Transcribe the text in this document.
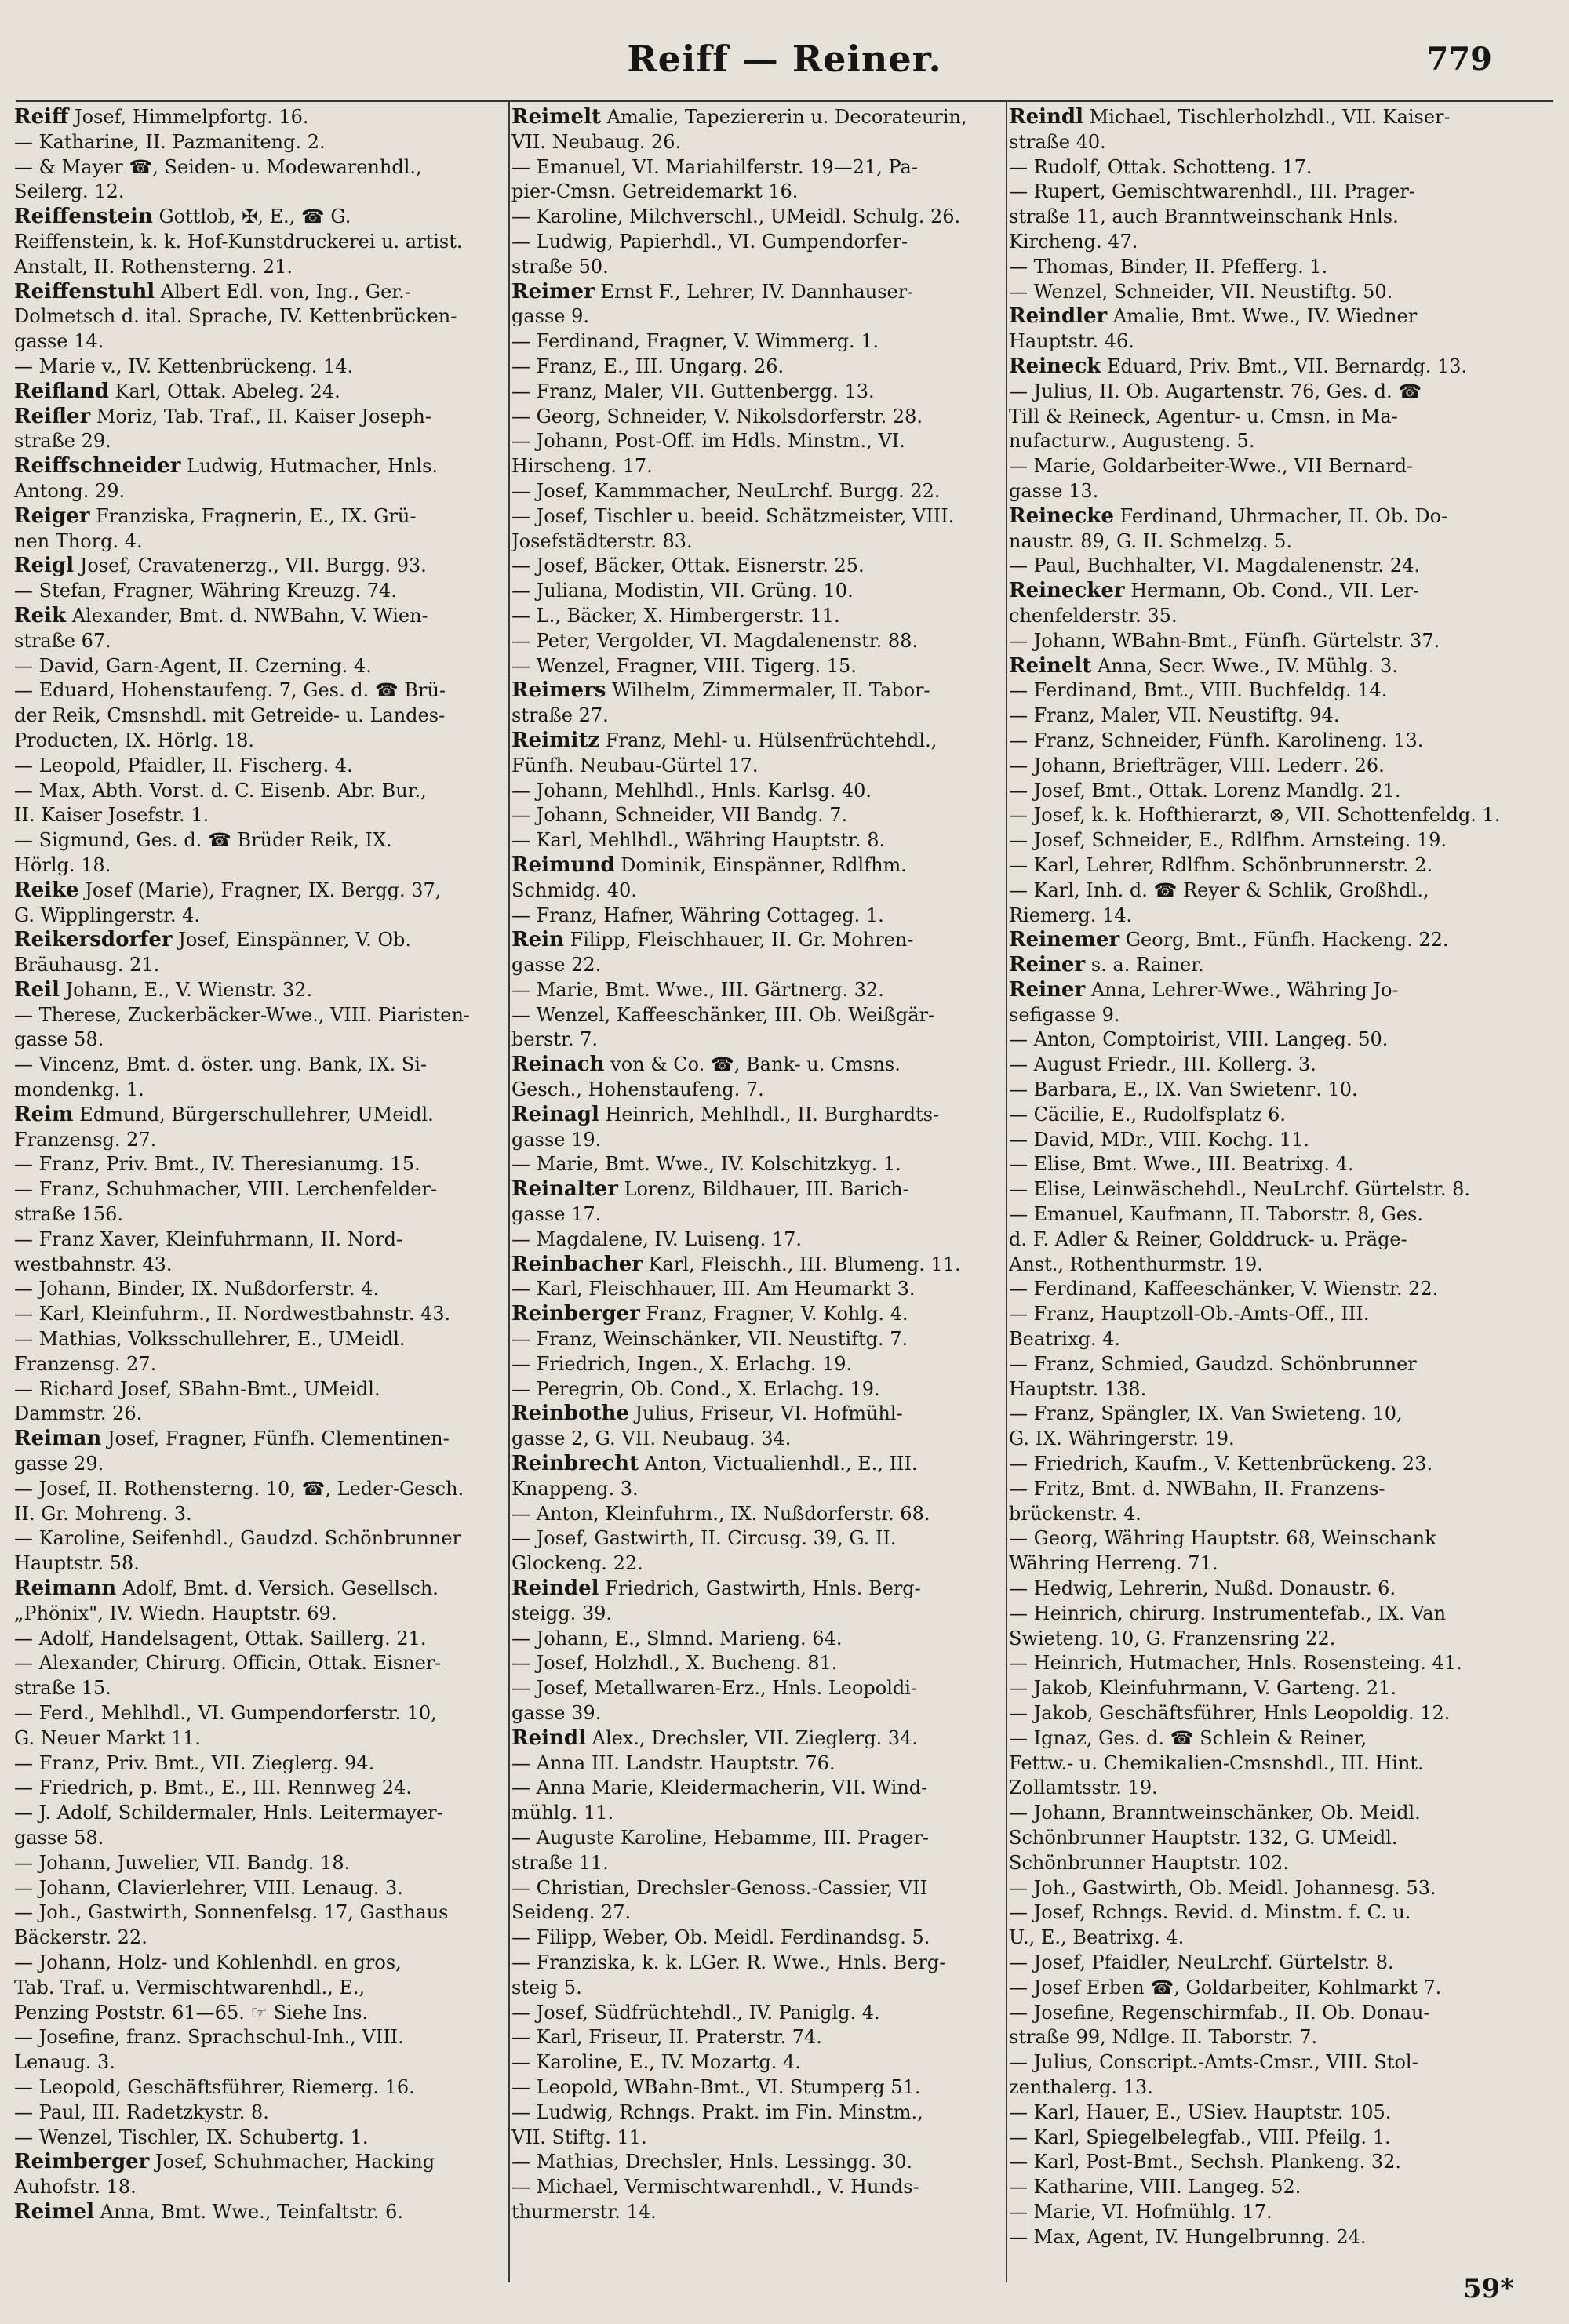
Reiff — Reiner.	779
Reiff Josef, Himmelpfortg. 16.
— Katharine, II. Pazmaniteng. 2.
— & Mayer ☎, Seiden- u. Modewarenhdl.,
Seilerg. 12.
Reiffenstein Gottlob, ✠, E., ☎ G.
Reiffenstein, k. k. Hof-Kunstdruckerei u. artist.
Anstalt, II. Rothensterng. 21.
Reiffenstuhl Albert Edl. von, Ing., Ger.-
Dolmetsch d. ital. Sprache, IV. Kettenbrücken-
gasse 14.
— Marie v., IV. Kettenbrückeng. 14.
Reifland Karl, Ottak. Abeleg. 24.
Reifler Moriz, Tab. Traf., II. Kaiser Joseph-
straße 29.
Reiffschneider Ludwig, Hutmacher, Hnls.
Antong. 29.
Reiger Franziska, Fragnerin, E., IX. Grü-
nen Thorg. 4.
Reigl Josef, Cravatenerzg., VII. Burgg. 93.
— Stefan, Fragner, Währing Kreuzg. 74.
Reik Alexander, Bmt. d. NWBahn, V. Wien-
straße 67.
— David, Garn-Agent, II. Czerning. 4.
— Eduard, Hohenstaufeng. 7, Ges. d. ☎ Brü-
der Reik, Cmsnshdl. mit Getreide- u. Landes-
Producten, IX. Hörlg. 18.
— Leopold, Pfaidler, II. Fischerg. 4.
— Max, Abth. Vorst. d. C. Eisenb. Abr. Bur.,
II. Kaiser Josefstr. 1.
— Sigmund, Ges. d. ☎ Brüder Reik, IX.
Hörlg. 18.
Reike Josef (Marie), Fragner, IX. Bergg. 37,
G. Wipplingerstr. 4.
Reikersdorfer Josef, Einspänner, V. Ob.
Bräuhausg. 21.
Reil Johann, E., V. Wienstr. 32.
— Therese, Zuckerbäcker-Wwe., VIII. Piaristen-
gasse 58.
— Vincenz, Bmt. d. öster. ung. Bank, IX. Si-
mondenkg. 1.
Reim Edmund, Bürgerschullehrer, UMeidl.
Franzensg. 27.
— Franz, Priv. Bmt., IV. Theresianumg. 15.
— Franz, Schuhmacher, VIII. Lerchenfelder-
straße 156.
— Franz Xaver, Kleinfuhrmann, II. Nord-
westbahnstr. 43.
— Johann, Binder, IX. Nußdorferstr. 4.
— Karl, Kleinfuhrm., II. Nordwestbahnstr. 43.
— Mathias, Volksschullehrer, E., UMeidl.
Franzensg. 27.
— Richard Josef, SBahn-Bmt., UMeidl.
Dammstr. 26.
Reiman Josef, Fragner, Fünfh. Clementinen-
gasse 29.
— Josef, II. Rothensterng. 10, ☎, Leder-Gesch.
II. Gr. Mohreng. 3.
— Karoline, Seifenhdl., Gaudzd. Schönbrunner
Hauptstr. 58.
Reimann Adolf, Bmt. d. Versich. Gesellsch.
„Phönix", IV. Wiedn. Hauptstr. 69.
— Adolf, Handelsagent, Ottak. Saillerg. 21.
— Alexander, Chirurg. Officin, Ottak. Eisner-
straße 15.
— Ferd., Mehlhdl., VI. Gumpendorferstr. 10,
G. Neuer Markt 11.
— Franz, Priv. Bmt., VII. Zieglerg. 94.
— Friedrich, p. Bmt., E., III. Rennweg 24.
— J. Adolf, Schildermaler, Hnls. Leitermayer-
gasse 58.
— Johann, Juwelier, VII. Bandg. 18.
— Johann, Clavierlehrer, VIII. Lenaug. 3.
— Joh., Gastwirth, Sonnenfelsg. 17, Gasthaus
Bäckerstr. 22.
— Johann, Holz- und Kohlenhdl. en gros,
Tab. Traf. u. Vermischtwarenhdl., E.,
Penzing Poststr. 61—65. ☞ Siehe Ins.
— Josefine, franz. Sprachschul-Inh., VIII.
Lenaug. 3.
— Leopold, Geschäftsführer, Riemerg. 16.
— Paul, III. Radetzkystr. 8.
— Wenzel, Tischler, IX. Schubertg. 1.
Reimberger Josef, Schuhmacher, Hacking
Auhofstr. 18.
Reimel Anna, Bmt. Wwe., Teinfaltstr. 6.
Reimelt Amalie, Tapeziererin u. Decorateurin,
VII. Neubaug. 26.
— Emanuel, VI. Mariahilferstr. 19—21, Pa-
pier-Cmsn. Getreidemarkt 16.
— Karoline, Milchverschl., UMeidl. Schulg. 26.
— Ludwig, Papierhdl., VI. Gumpendorfer-
straße 50.
Reimer Ernst F., Lehrer, IV. Dannhauser-
gasse 9.
— Ferdinand, Fragner, V. Wimmerg. 1.
— Franz, E., III. Ungarg. 26.
— Franz, Maler, VII. Guttenbergg. 13.
— Georg, Schneider, V. Nikolsdorferstr. 28.
— Johann, Post-Off. im Hdls. Minstm., VI.
Hirscheng. 17.
— Josef, Kammmacher, NeuLrchf. Burgg. 22.
— Josef, Tischler u. beeid. Schätzmeister, VIII.
Josefstädterstr. 83.
— Josef, Bäcker, Ottak. Eisnerstr. 25.
— Juliana, Modistin, VII. Grüng. 10.
— L., Bäcker, X. Himbergerstr. 11.
— Peter, Vergolder, VI. Magdalenenstr. 88.
— Wenzel, Fragner, VIII. Tigerg. 15.
Reimers Wilhelm, Zimmermaler, II. Tabor-
straße 27.
Reimitz Franz, Mehl- u. Hülsenfrüchtehdl.,
Fünfh. Neubau-Gürtel 17.
— Johann, Mehlhdl., Hnls. Karlsg. 40.
— Johann, Schneider, VII Bandg. 7.
— Karl, Mehlhdl., Währing Hauptstr. 8.
Reimund Dominik, Einspänner, Rdlfhm.
Schmidg. 40.
— Franz, Hafner, Währing Cottageg. 1.
Rein Filipp, Fleischhauer, II. Gr. Mohren-
gasse 22.
— Marie, Bmt. Wwe., III. Gärtnerg. 32.
— Wenzel, Kaffeeschänker, III. Ob. Weißgär-
berstr. 7.
Reinach von & Co. ☎, Bank- u. Cmsns.
Gesch., Hohenstaufeng. 7.
Reinagl Heinrich, Mehlhdl., II. Burghardts-
gasse 19.
— Marie, Bmt. Wwe., IV. Kolschitzkyg. 1.
Reinalter Lorenz, Bildhauer, III. Barich-
gasse 17.
— Magdalene, IV. Luiseng. 17.
Reinbacher Karl, Fleischh., III. Blumeng. 11.
— Karl, Fleischhauer, III. Am Heumarkt 3.
Reinberger Franz, Fragner, V. Kohlg. 4.
— Franz, Weinschänker, VII. Neustiftg. 7.
— Friedrich, Ingen., X. Erlachg. 19.
— Peregrin, Ob. Cond., X. Erlachg. 19.
Reinbothe Julius, Friseur, VI. Hofmühl-
gasse 2, G. VII. Neubaug. 34.
Reinbrecht Anton, Victualienhdl., E., III.
Knappeng. 3.
— Anton, Kleinfuhrm., IX. Nußdorferstr. 68.
— Josef, Gastwirth, II. Circusg. 39, G. II.
Glockeng. 22.
Reindel Friedrich, Gastwirth, Hnls. Berg-
steigg. 39.
— Johann, E., Slmnd. Marieng. 64.
— Josef, Holzhdl., X. Bucheng. 81.
— Josef, Metallwaren-Erz., Hnls. Leopoldi-
gasse 39.
Reindl Alex., Drechsler, VII. Zieglerg. 34.
— Anna III. Landstr. Hauptstr. 76.
— Anna Marie, Kleidermacherin, VII. Wind-
mühlg. 11.
— Auguste Karoline, Hebamme, III. Prager-
straße 11.
— Christian, Drechsler-Genoss.-Cassier, VII
Seideng. 27.
— Filipp, Weber, Ob. Meidl. Ferdinandsg. 5.
— Franziska, k. k. LGer. R. Wwe., Hnls. Berg-
steig 5.
— Josef, Südfrüchtehdl., IV. Paniglg. 4.
— Karl, Friseur, II. Praterstr. 74.
— Karoline, E., IV. Mozartg. 4.
— Leopold, WBahn-Bmt., VI. Stumperg 51.
— Ludwig, Rchngs. Prakt. im Fin. Minstm.,
VII. Stiftg. 11.
— Mathias, Drechsler, Hnls. Lessingg. 30.
— Michael, Vermischtwarenhdl., V. Hunds-
thurmerstr. 14.
Reindl Michael, Tischlerholzhdl., VII. Kaiser-
straße 40.
— Rudolf, Ottak. Schotteng. 17.
— Rupert, Gemischtwarenhdl., III. Prager-
straße 11, auch Branntweinschank Hnls.
Kircheng. 47.
— Thomas, Binder, II. Pfefferg. 1.
— Wenzel, Schneider, VII. Neustiftg. 50.
Reindler Amalie, Bmt. Wwe., IV. Wiedner
Hauptstr. 46.
Reineck Eduard, Priv. Bmt., VII. Bernardg. 13.
— Julius, II. Ob. Augartenstr. 76, Ges. d. ☎
Till & Reineck, Agentur- u. Cmsn. in Ma-
nufacturw., Augusteng. 5.
— Marie, Goldarbeiter-Wwe., VII Bernard-
gasse 13.
Reinecke Ferdinand, Uhrmacher, II. Ob. Do-
naustr. 89, G. II. Schmelzg. 5.
— Paul, Buchhalter, VI. Magdalenenstr. 24.
Reinecker Hermann, Ob. Cond., VII. Ler-
chenfelderstr. 35.
— Johann, WBahn-Bmt., Fünfh. Gürtelstr. 37.
Reinelt Anna, Secr. Wwe., IV. Mühlg. 3.
— Ferdinand, Bmt., VIII. Buchfeldg. 14.
— Franz, Maler, VII. Neustiftg. 94.
— Franz, Schneider, Fünfh. Karolineng. 13.
— Johann, Briefträger, VIII. Lederг. 26.
— Josef, Bmt., Ottak. Lorenz Mandlg. 21.
— Josef, k. k. Hofthierarzt, ⊗, VII. Schottenfeldg. 1.
— Josef, Schneider, E., Rdlfhm. Arnsteing. 19.
— Karl, Lehrer, Rdlfhm. Schönbrunnerstr. 2.
— Karl, Inh. d. ☎ Reyer & Schlik, Großhdl.,
Riemerg. 14.
Reinemer Georg, Bmt., Fünfh. Hackeng. 22.
Reiner s. a. Rainer.
Reiner Anna, Lehrer-Wwe., Währing Jo-
sefigasse 9.
— Anton, Comptoirist, VIII. Langeg. 50.
— August Friedr., III. Kollerg. 3.
— Barbara, E., IX. Van Swietenг. 10.
— Cäcilie, E., Rudolfsplatz 6.
— David, MDr., VIII. Kochg. 11.
— Elise, Bmt. Wwe., III. Beatrixg. 4.
— Elise, Leinwäschehdl., NeuLrchf. Gürtelstr. 8.
— Emanuel, Kaufmann, II. Taborstr. 8, Ges.
d. F. Adler & Reiner, Golddruck- u. Präge-
Anst., Rothenthurmstr. 19.
— Ferdinand, Kaffeeschänker, V. Wienstr. 22.
— Franz, Hauptzoll-Ob.-Amts-Off., III.
Beatrixg. 4.
— Franz, Schmied, Gaudzd. Schönbrunner
Hauptstr. 138.
— Franz, Spängler, IX. Van Swieteng. 10,
G. IX. Währingerstr. 19.
— Friedrich, Kaufm., V. Kettenbrückeng. 23.
— Fritz, Bmt. d. NWBahn, II. Franzens-
brückenstr. 4.
— Georg, Währing Hauptstr. 68, Weinschank
Währing Herreng. 71.
— Hedwig, Lehrerin, Nußd. Donaustr. 6.
— Heinrich, chirurg. Instrumentefab., IX. Van
Swieteng. 10, G. Franzensring 22.
— Heinrich, Hutmacher, Hnls. Rosensteing. 41.
— Jakob, Kleinfuhrmann, V. Garteng. 21.
— Jakob, Geschäftsführer, Hnls Leopoldig. 12.
— Ignaz, Ges. d. ☎ Schlein & Reiner,
Fettw.- u. Chemikalien-Cmsnshdl., III. Hint.
Zollamtsstr. 19.
— Johann, Branntweinschänker, Ob. Meidl.
Schönbrunner Hauptstr. 132, G. UMeidl.
Schönbrunner Hauptstr. 102.
— Joh., Gastwirth, Ob. Meidl. Johannesg. 53.
— Josef, Rchngs. Revid. d. Minstm. f. C. u.
U., E., Beatrixg. 4.
— Josef, Pfaidler, NeuLrchf. Gürtelstr. 8.
— Josef Erben ☎, Goldarbeiter, Kohlmarkt 7.
— Josefine, Regenschirmfab., II. Ob. Donau-
straße 99, Ndlge. II. Taborstr. 7.
— Julius, Conscript.-Amts-Cmsr., VIII. Stol-
zenthalerg. 13.
— Karl, Hauer, E., USiev. Hauptstr. 105.
— Karl, Spiegelbelegfab., VIII. Pfeilg. 1.
— Karl, Post-Bmt., Sechsh. Plankeng. 32.
— Katharine, VIII. Langeg. 52.
— Marie, VI. Hofmühlg. 17.
— Max, Agent, IV. Hungelbrunng. 24.
59*
